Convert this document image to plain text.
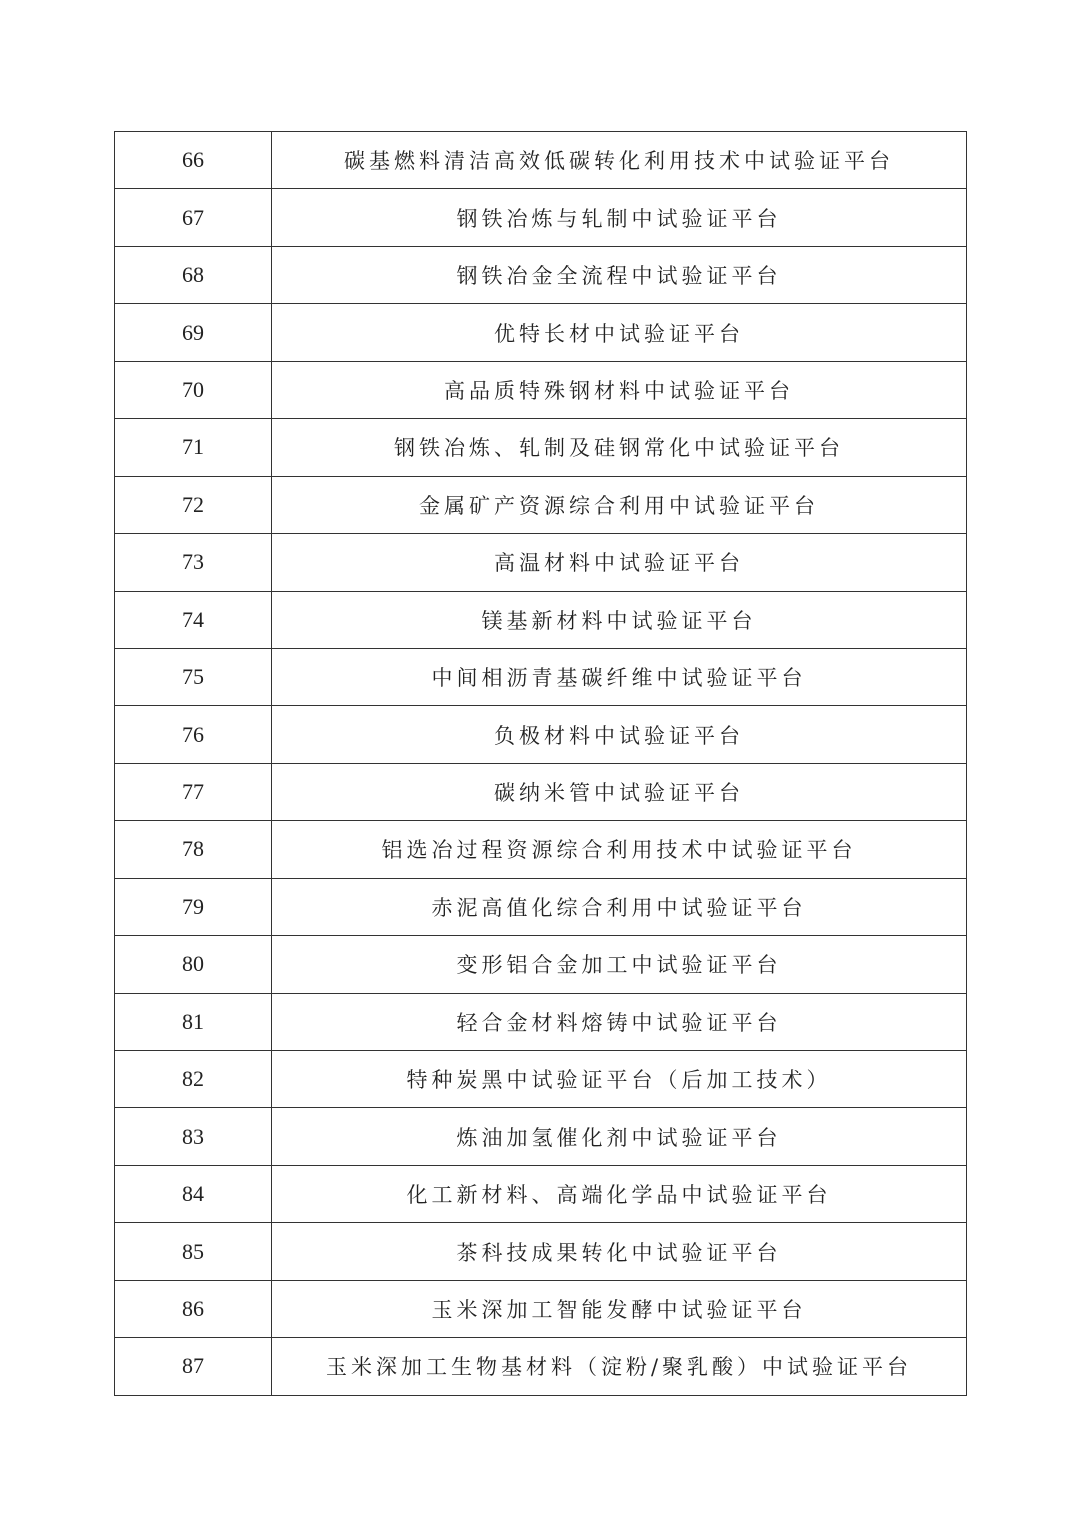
66	碳基燃料清洁高效低碳转化利用技术中试验证平台
67	钢铁冶炼与轧制中试验证平台
68	钢铁冶金全流程中试验证平台
69	优特长材中试验证平台
70	高品质特殊钢材料中试验证平台
71	钢铁冶炼、轧制及硅钢常化中试验证平台
72	金属矿产资源综合利用中试验证平台
73	高温材料中试验证平台
74	镁基新材料中试验证平台
75	中间相沥青基碳纤维中试验证平台
76	负极材料中试验证平台
77	碳纳米管中试验证平台
78	铝选冶过程资源综合利用技术中试验证平台
79	赤泥高值化综合利用中试验证平台
80	变形铝合金加工中试验证平台
81	轻合金材料熔铸中试验证平台
82	特种炭黑中试验证平台（后加工技术）
83	炼油加氢催化剂中试验证平台
84	化工新材料、高端化学品中试验证平台
85	茶科技成果转化中试验证平台
86	玉米深加工智能发酵中试验证平台
87	玉米深加工生物基材料（淀粉/聚乳酸）中试验证平台
